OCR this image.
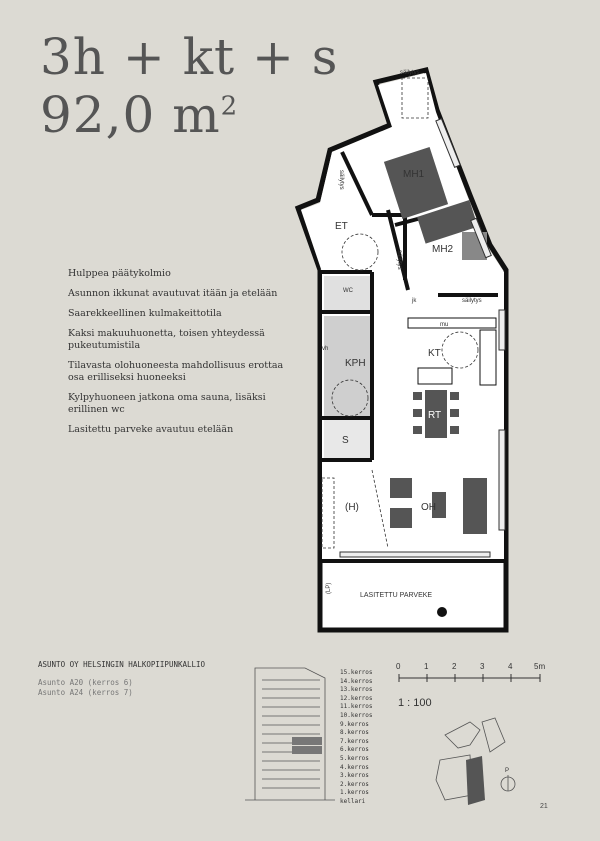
3h + kt + s
92,0 $m^2$
Hulppea päätykolmio
Asunnon ikkunat avautuvat itään ja etelään
Saarekkeellinen kulmakeittotila
Kaksi makuuhuonetta, toisen yhteydessä pukeutumistila
Tilavasta olohuoneesta mahdollisuus erottaa osa erilliseksi huoneeksi
Kylpyhuoneen jatkona oma sauna, lisäksi erillinen wc
Lasitettu parveke avautuu etelään
MH1
MH2
ET
KT
RT
OH
(H)
KPH
S
WC
LASITETTU PARVEKE
säilytys
säilytys
säilytys
säilytys
jk
mu
(LP)
vh
ASUNTO OY HELSINGIN HALKOPIIPUNKALLIO
Asunto A20 (kerros 6)
Asunto A24 (kerros 7)
15.kerros
14.kerros
13.kerros
12.kerros
11.kerros
10.kerros
9.kerros
8.kerros
7.kerros
6.kerros
5.kerros
4.kerros
3.kerros
2.kerros
1.kerros
kellari
0	1	2	3	4	5m
1 : 100
P
21
